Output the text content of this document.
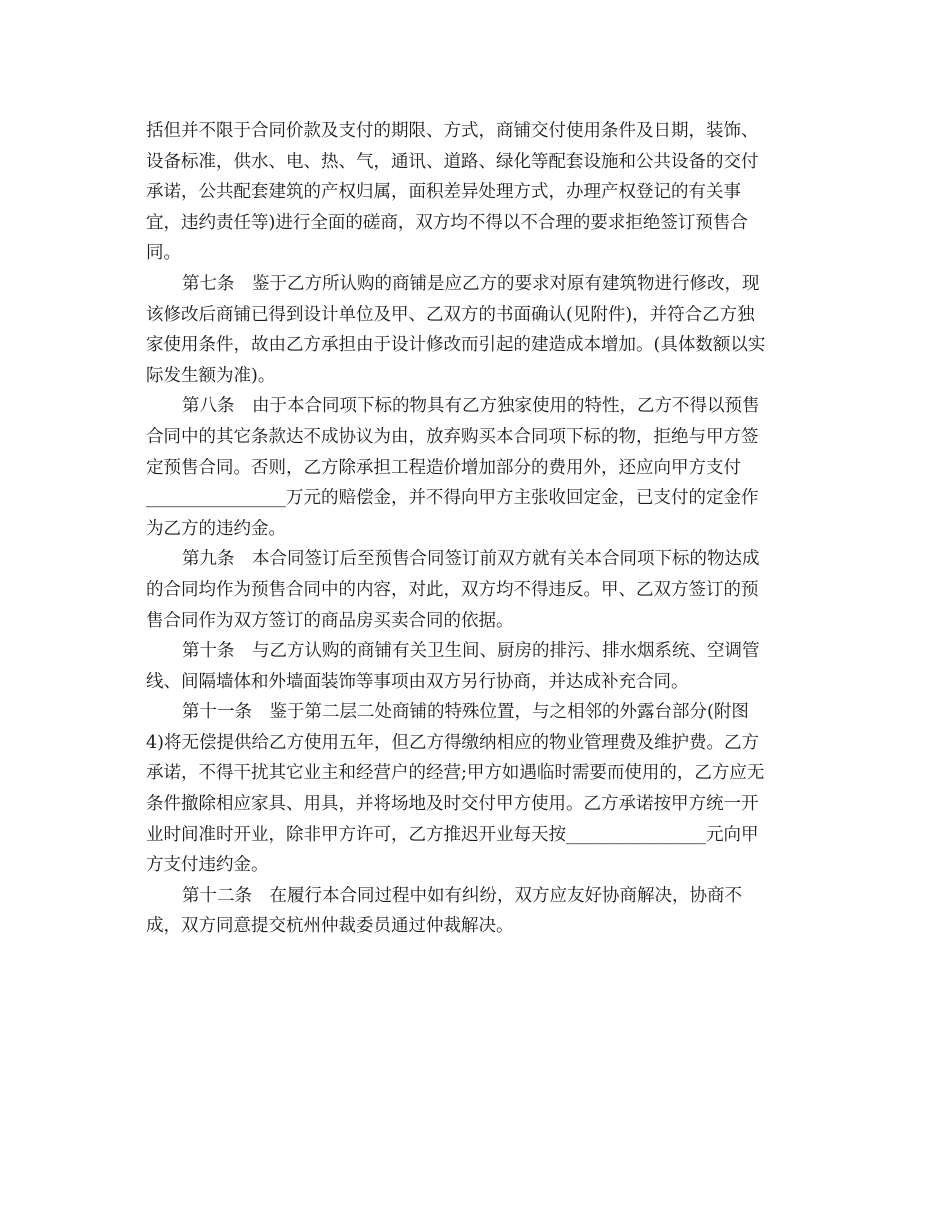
括但并不限于合同价款及支付的期限、方式，商铺交付使用条件及日期，装饰、
设备标准，供水、电、热、气，通讯、道路、绿化等配套设施和公共设备的交付
承诺，公共配套建筑的产权归属，面积差异处理方式，办理产权登记的有关事
宜，违约责任等)进行全面的磋商，双方均不得以不合理的要求拒绝签订预售合
同。
第七条　鉴于乙方所认购的商铺是应乙方的要求对原有建筑物进行修改，现
该修改后商铺已得到设计单位及甲、乙双方的书面确认(见附件)，并符合乙方独
家使用条件，故由乙方承担由于设计修改而引起的建造成本增加。(具体数额以实
际发生额为准)。
第八条　由于本合同项下标的物具有乙方独家使用的特性，乙方不得以预售
合同中的其它条款达不成协议为由，放弃购买本合同项下标的物，拒绝与甲方签
定预售合同。否则，乙方除承担工程造价增加部分的费用外，还应向甲方支付
________________万元的赔偿金，并不得向甲方主张收回定金，已支付的定金作
为乙方的违约金。
第九条　本合同签订后至预售合同签订前双方就有关本合同项下标的物达成
的合同均作为预售合同中的内容，对此，双方均不得违反。甲、乙双方签订的预
售合同作为双方签订的商品房买卖合同的依据。
第十条　与乙方认购的商铺有关卫生间、厨房的排污、排水烟系统、空调管
线、间隔墙体和外墙面装饰等事项由双方另行协商，并达成补充合同。
第十一条　鉴于第二层二处商铺的特殊位置，与之相邻的外露台部分(附图
4)将无偿提供给乙方使用五年，但乙方得缴纳相应的物业管理费及维护费。乙方
承诺，不得干扰其它业主和经营户的经营;甲方如遇临时需要而使用的，乙方应无
条件撤除相应家具、用具，并将场地及时交付甲方使用。乙方承诺按甲方统一开
业时间准时开业，除非甲方许可，乙方推迟开业每天按________________元向甲
方支付违约金。
第十二条　在履行本合同过程中如有纠纷，双方应友好协商解决，协商不
成，双方同意提交杭州仲裁委员通过仲裁解决。
